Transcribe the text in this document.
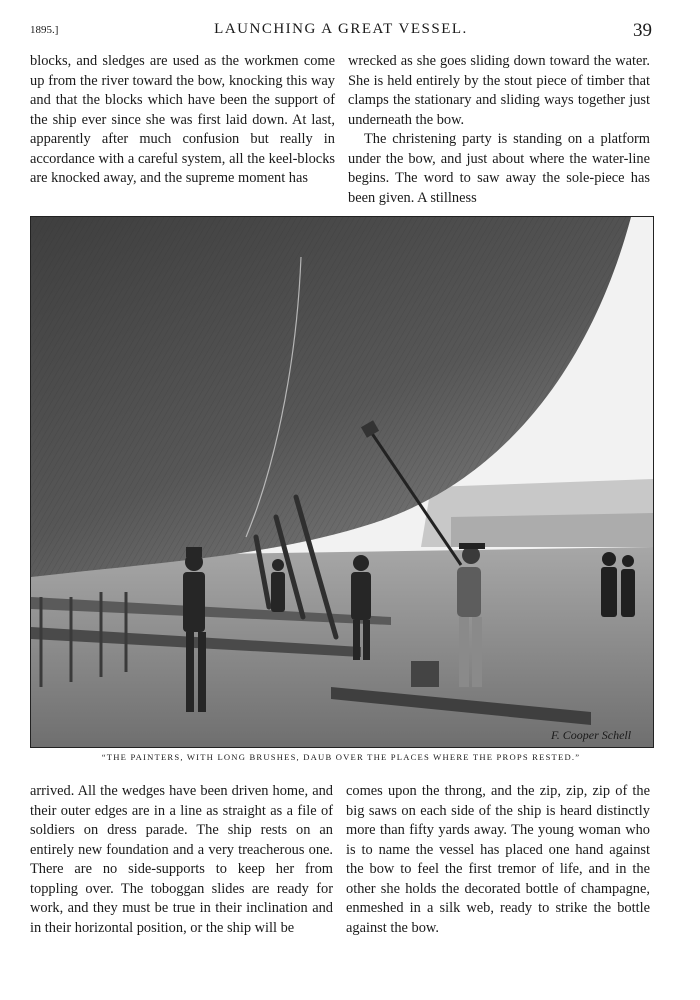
1895.]	LAUNCHING A GREAT VESSEL.	39

blocks, and sledges are used as the workmen come up from the river toward the bow, knocking this way and that the blocks which have been the support of the ship ever since she was first laid down. At last, apparently after much confusion but really in accordance with a careful system, all the keel-blocks are knocked away, and the supreme moment has

wrecked as she goes sliding down toward the water. She is held entirely by the stout piece of timber that clamps the stationary and sliding ways together just underneath the bow.

The christening party is standing on a platform under the bow, and just about where the water-line begins. The word to saw away the sole-piece has been given. A stillness

F. Cooper Schell
“THE PAINTERS, WITH LONG BRUSHES, DAUB OVER THE PLACES WHERE THE PROPS RESTED.”

arrived. All the wedges have been driven home, and their outer edges are in a line as straight as a file of soldiers on dress parade. The ship rests on an entirely new foundation and a very treacherous one. There are no side-supports to keep her from toppling over. The toboggan slides are ready for work, and they must be true in their inclination and in their horizontal position, or the ship will be

comes upon the throng, and the zip, zip, zip of the big saws on each side of the ship is heard distinctly more than fifty yards away. The young woman who is to name the vessel has placed one hand against the bow to feel the first tremor of life, and in the other she holds the decorated bottle of champagne, enmeshed in a silk web, ready to strike the bottle against the bow.
